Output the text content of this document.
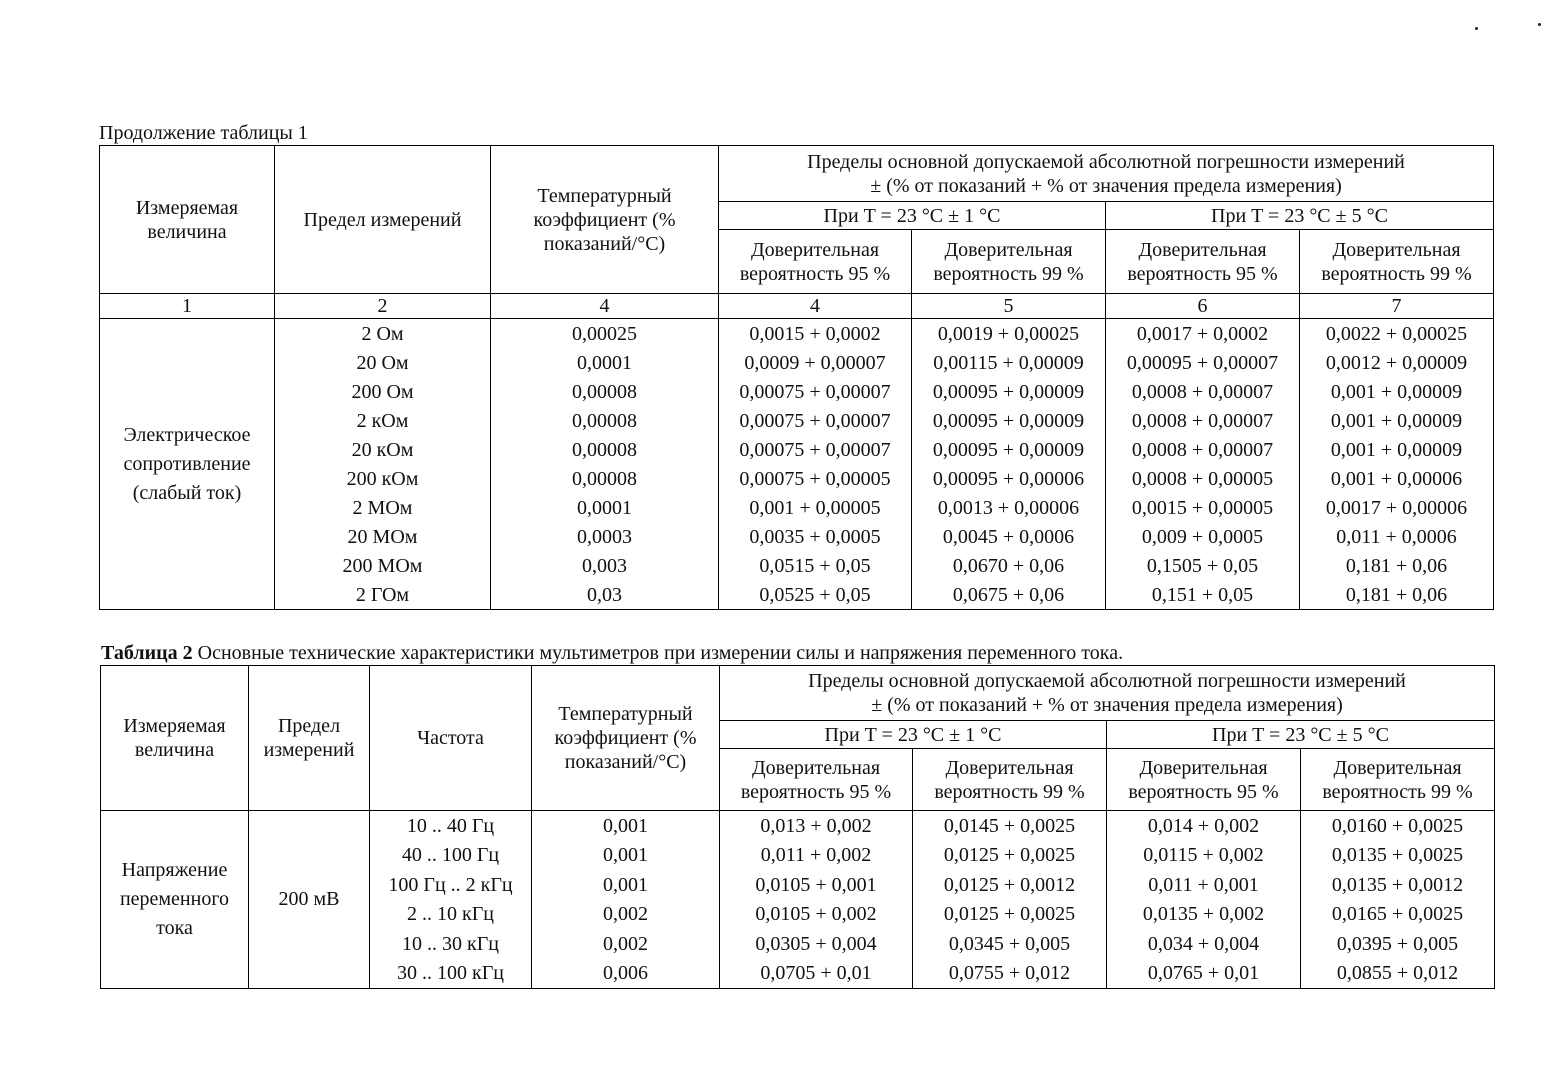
Продолжение таблицы 1
Измеряемая величина	Предел измерений	Температурный коэффициент (% показаний/°C)	Пределы основной допускаемой абсолютной погрешности измерений
± (% от показаний + % от значения предела измерения)			

			При T = 23 °C ± 1 °C		При T = 23 °C ± 5 °C	
			Доверительная вероятность 95 %	Доверительная вероятность 99 %	Доверительная вероятность 95 %	Доверительная вероятность 99 %
1	2	4	4	5	6	7
Электрическое сопротивление (слабый ток)	2 Ом	0,00025	0,0015 + 0,0002	0,0019 + 0,00025	0,0017 + 0,0002	0,0022 + 0,00025
	20 Ом	0,0001	0,0009 + 0,00007	0,00115 + 0,00009	0,00095 + 0,00007	0,0012 + 0,00009
	200 Ом	0,00008	0,00075 + 0,00007	0,00095 + 0,00009	0,0008 + 0,00007	0,001 + 0,00009
	2 кОм	0,00008	0,00075 + 0,00007	0,00095 + 0,00009	0,0008 + 0,00007	0,001 + 0,00009
	20 кОм	0,00008	0,00075 + 0,00007	0,00095 + 0,00009	0,0008 + 0,00007	0,001 + 0,00009
	200 кОм	0,00008	0,00075 + 0,00005	0,00095 + 0,00006	0,0008 + 0,00005	0,001 + 0,00006
	2 МОм	0,0001	0,001 + 0,00005	0,0013 + 0,00006	0,0015 + 0,00005	0,0017 + 0,00006
	20 МОм	0,0003	0,0035 + 0,0005	0,0045 + 0,0006	0,009 + 0,0005	0,011 + 0,0006
	200 МОм	0,003	0,0515 + 0,05	0,0670 + 0,06	0,1505 + 0,05	0,181 + 0,06
	2 ГОм	0,03	0,0525 + 0,05	0,0675 + 0,06	0,151 + 0,05	0,181 + 0,06
Таблица 2 Основные технические характеристики мультиметров при измерении силы и напряжения переменного тока.
Измеряемая величина	Предел измерений	Частота	Температурный коэффициент (% показаний/°C)	Пределы основной допускаемой абсолютной погрешности измерений
± (% от показаний + % от значения предела измерения)			

				При T = 23 °C ± 1 °C		При T = 23 °C ± 5 °C	
				Доверительная вероятность 95 %	Доверительная вероятность 99 %	Доверительная вероятность 95 %	Доверительная вероятность 99 %
Напряжение переменного тока	200 мВ	10 .. 40 Гц	0,001	0,013 + 0,002	0,0145 + 0,0025	0,014 + 0,002	0,0160 + 0,0025
		40 .. 100 Гц	0,001	0,011 + 0,002	0,0125 + 0,0025	0,0115 + 0,002	0,0135 + 0,0025
		100 Гц .. 2 кГц	0,001	0,0105 + 0,001	0,0125 + 0,0012	0,011 + 0,001	0,0135 + 0,0012
		2 .. 10 кГц	0,002	0,0105 + 0,002	0,0125 + 0,0025	0,0135 + 0,002	0,0165 + 0,0025
		10 .. 30 кГц	0,002	0,0305 + 0,004	0,0345 + 0,005	0,034 + 0,004	0,0395 + 0,005
		30 .. 100 кГц	0,006	0,0705 + 0,01	0,0755 + 0,012	0,0765 + 0,01	0,0855 + 0,012
